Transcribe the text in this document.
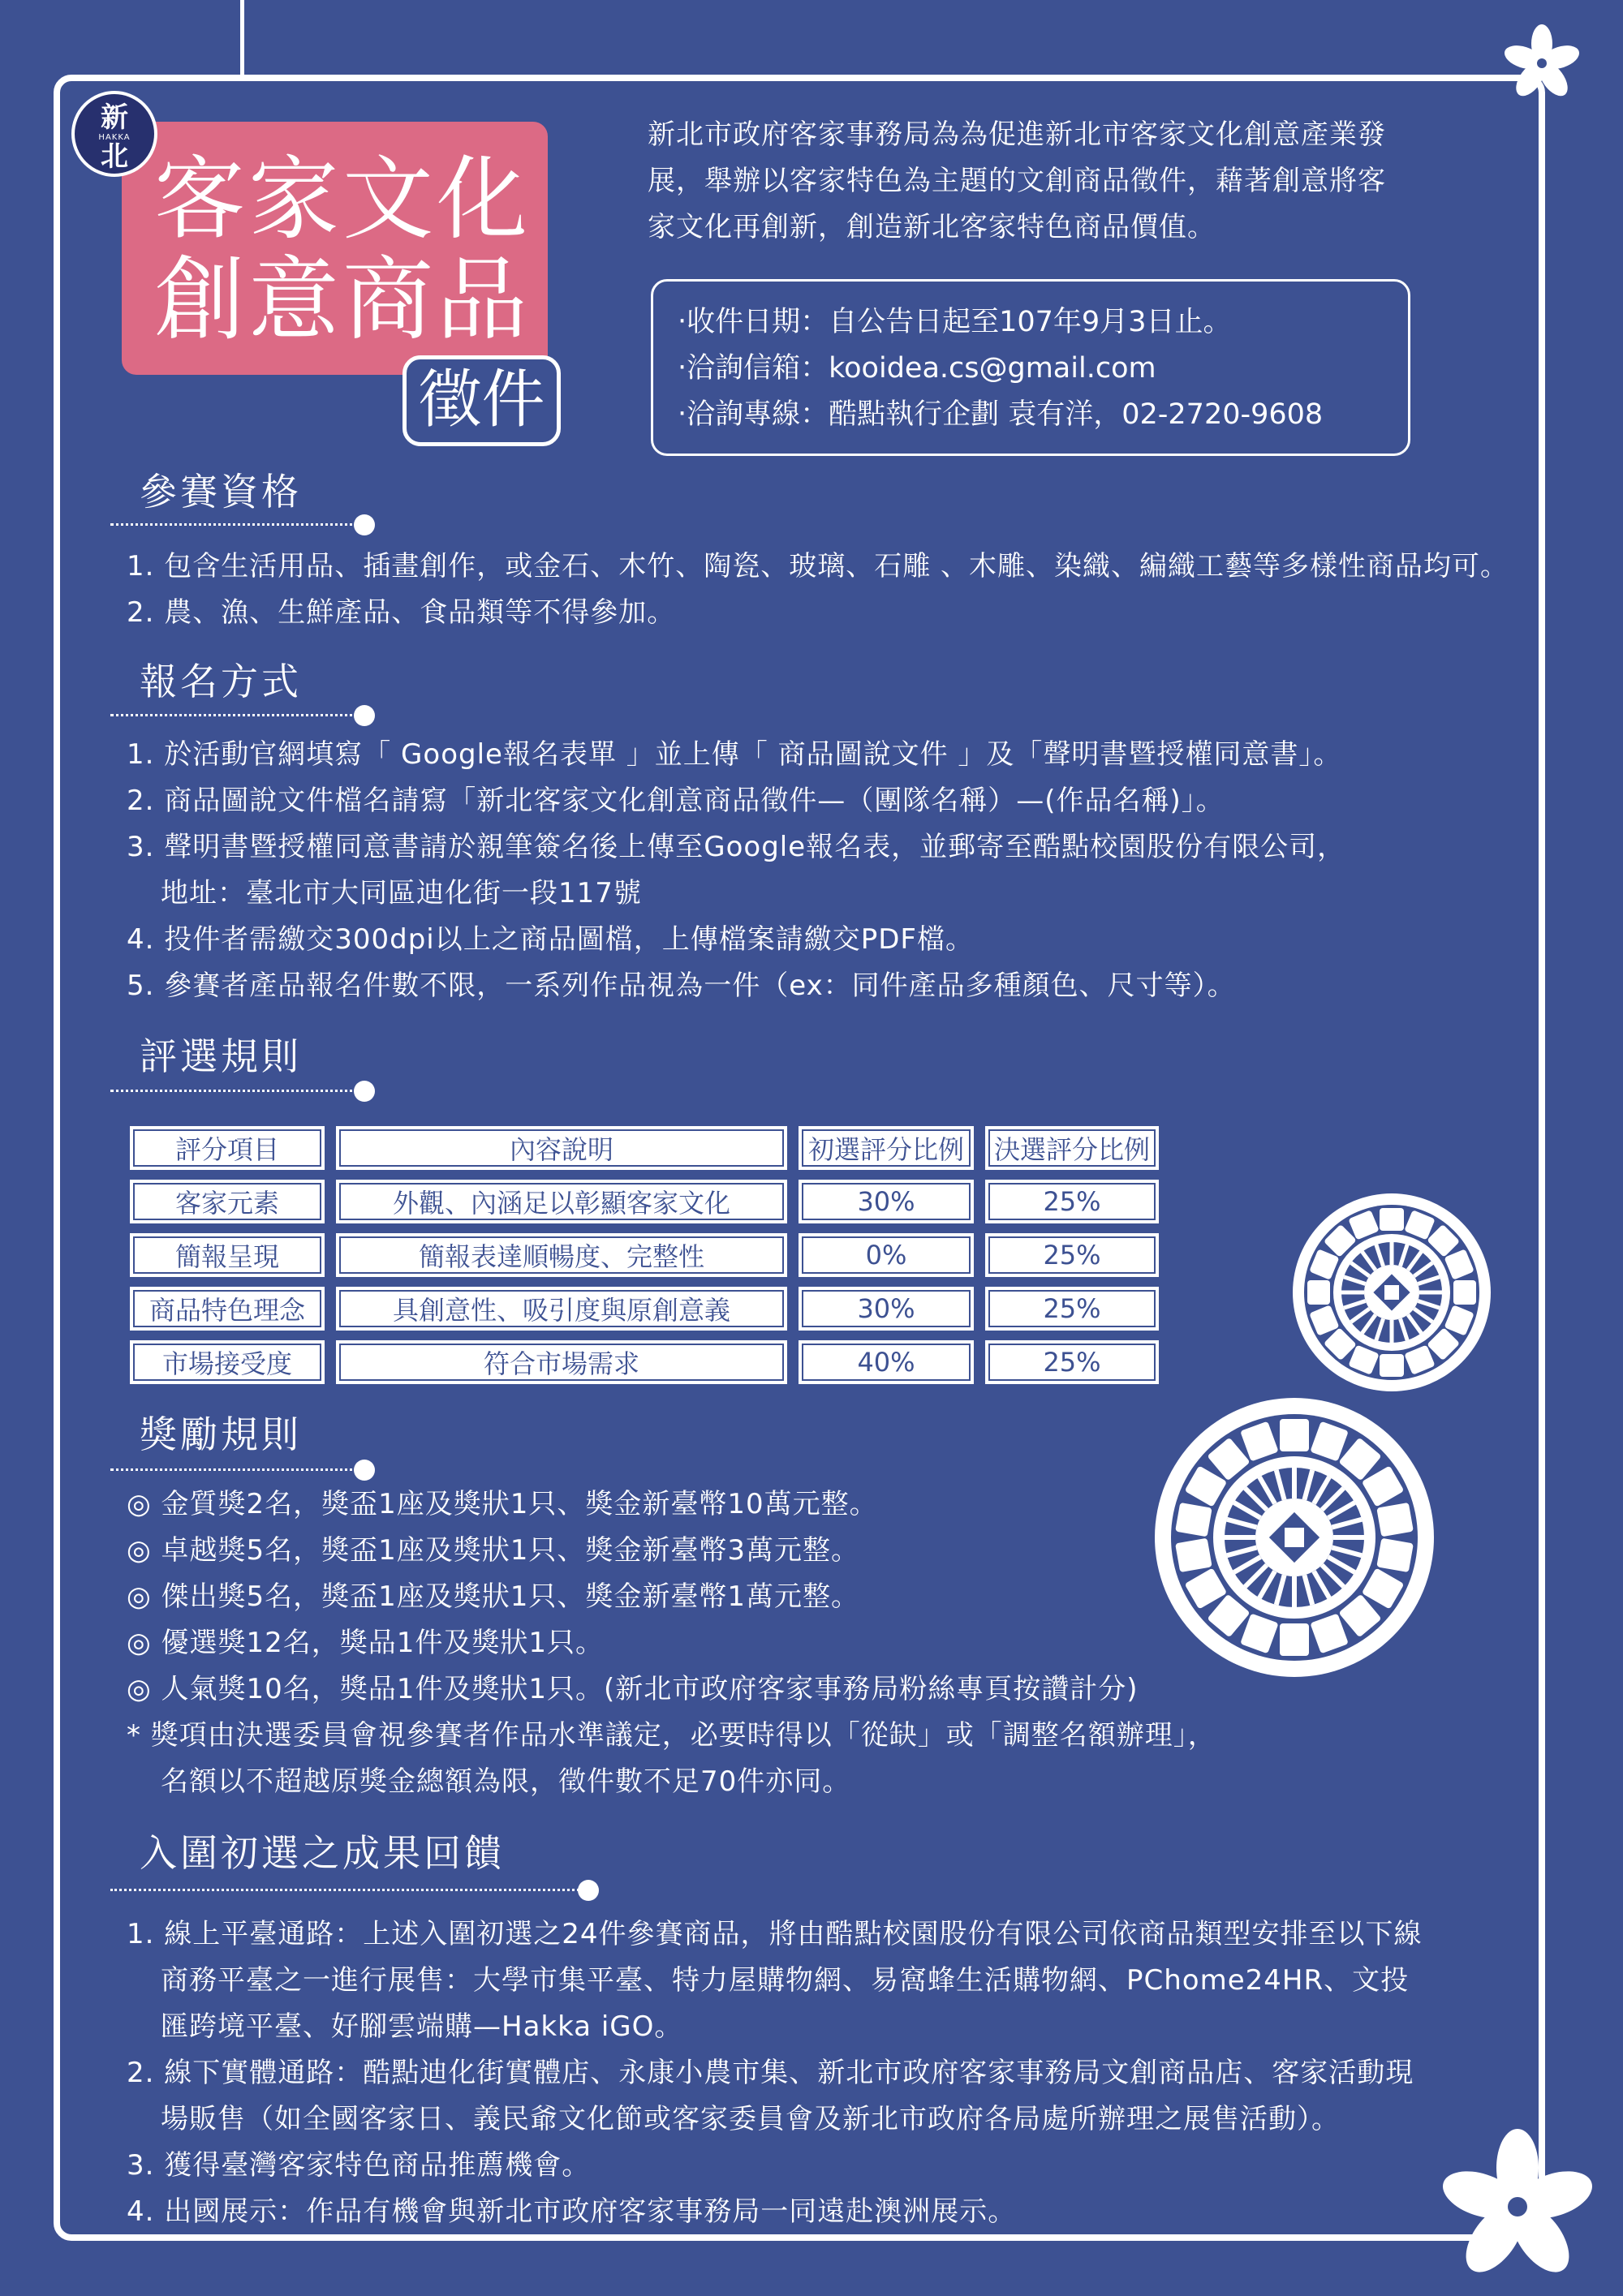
新
HAKKA
北 客家文化
創意商品
徵件
新北市政府客家事務局為為促進新北市客家文化創意產業發
展，舉辦以客家特色為主題的文創商品徵件，藉著創意將客
家文化再創新，創造新北客家特色商品價值。
‧收件日期：自公告日起至107年9月3日止。
‧洽詢信箱：kooidea.cs@gmail.com
‧洽詢專線：酷點執行企劃 袁有洋，02-2720-9608
參賽資格
1. 包含生活用品、插畫創作，或金石、木竹、陶瓷、玻璃、石雕 、木雕、染織、編織工藝等多樣性商品均可。
2. 農、漁、生鮮產品、食品類等不得參加。
報名方式
1. 於活動官網填寫「 Google報名表單 」並上傳「 商品圖說文件 」及「聲明書暨授權同意書」。
2. 商品圖說文件檔名請寫「新北客家文化創意商品徵件—（團隊名稱）—(作品名稱)」。
3. 聲明書暨授權同意書請於親筆簽名後上傳至Google報名表，並郵寄至酷點校園股份有限公司，
地址：臺北市大同區迪化街一段117號
4. 投件者需繳交300dpi以上之商品圖檔，上傳檔案請繳交PDF檔。
5. 參賽者產品報名件數不限，一系列作品視為一件（ex：同件產品多種顏色、尺寸等）。
評選規則
評分項目	內容說明	初選評分比例	決選評分比例
客家元素	外觀、內涵足以彰顯客家文化	30%	25%
簡報呈現	簡報表達順暢度、完整性	0%	25%
商品特色理念	具創意性、吸引度與原創意義	30%	25%
市場接受度	符合市場需求	40%	25%
獎勵規則
◎ 金質獎2名，獎盃1座及獎狀1只、獎金新臺幣10萬元整。
◎ 卓越獎5名，獎盃1座及獎狀1只、獎金新臺幣3萬元整。
◎ 傑出獎5名，獎盃1座及獎狀1只、獎金新臺幣1萬元整。
◎ 優選獎12名，獎品1件及獎狀1只。
◎ 人氣獎10名，獎品1件及獎狀1只。(新北市政府客家事務局粉絲專頁按讚計分)
* 獎項由決選委員會視參賽者作品水準議定，必要時得以「從缺」或「調整名額辦理」，
名額以不超越原獎金總額為限，徵件數不足70件亦同。
入圍初選之成果回饋
1. 線上平臺通路：上述入圍初選之24件參賽商品，將由酷點校園股份有限公司依商品類型安排至以下線
商務平臺之一進行展售：大學市集平臺、特力屋購物網、易窩蜂生活購物網、PChome24HR、文投
匯跨境平臺、好腳雲端購—Hakka iGO。
2. 線下實體通路：酷點迪化街實體店、永康小農市集、新北市政府客家事務局文創商品店、客家活動現
場販售（如全國客家日、義民爺文化節或客家委員會及新北市政府各局處所辦理之展售活動）。
3. 獲得臺灣客家特色商品推薦機會。
4. 出國展示：作品有機會與新北市政府客家事務局一同遠赴澳洲展示。
